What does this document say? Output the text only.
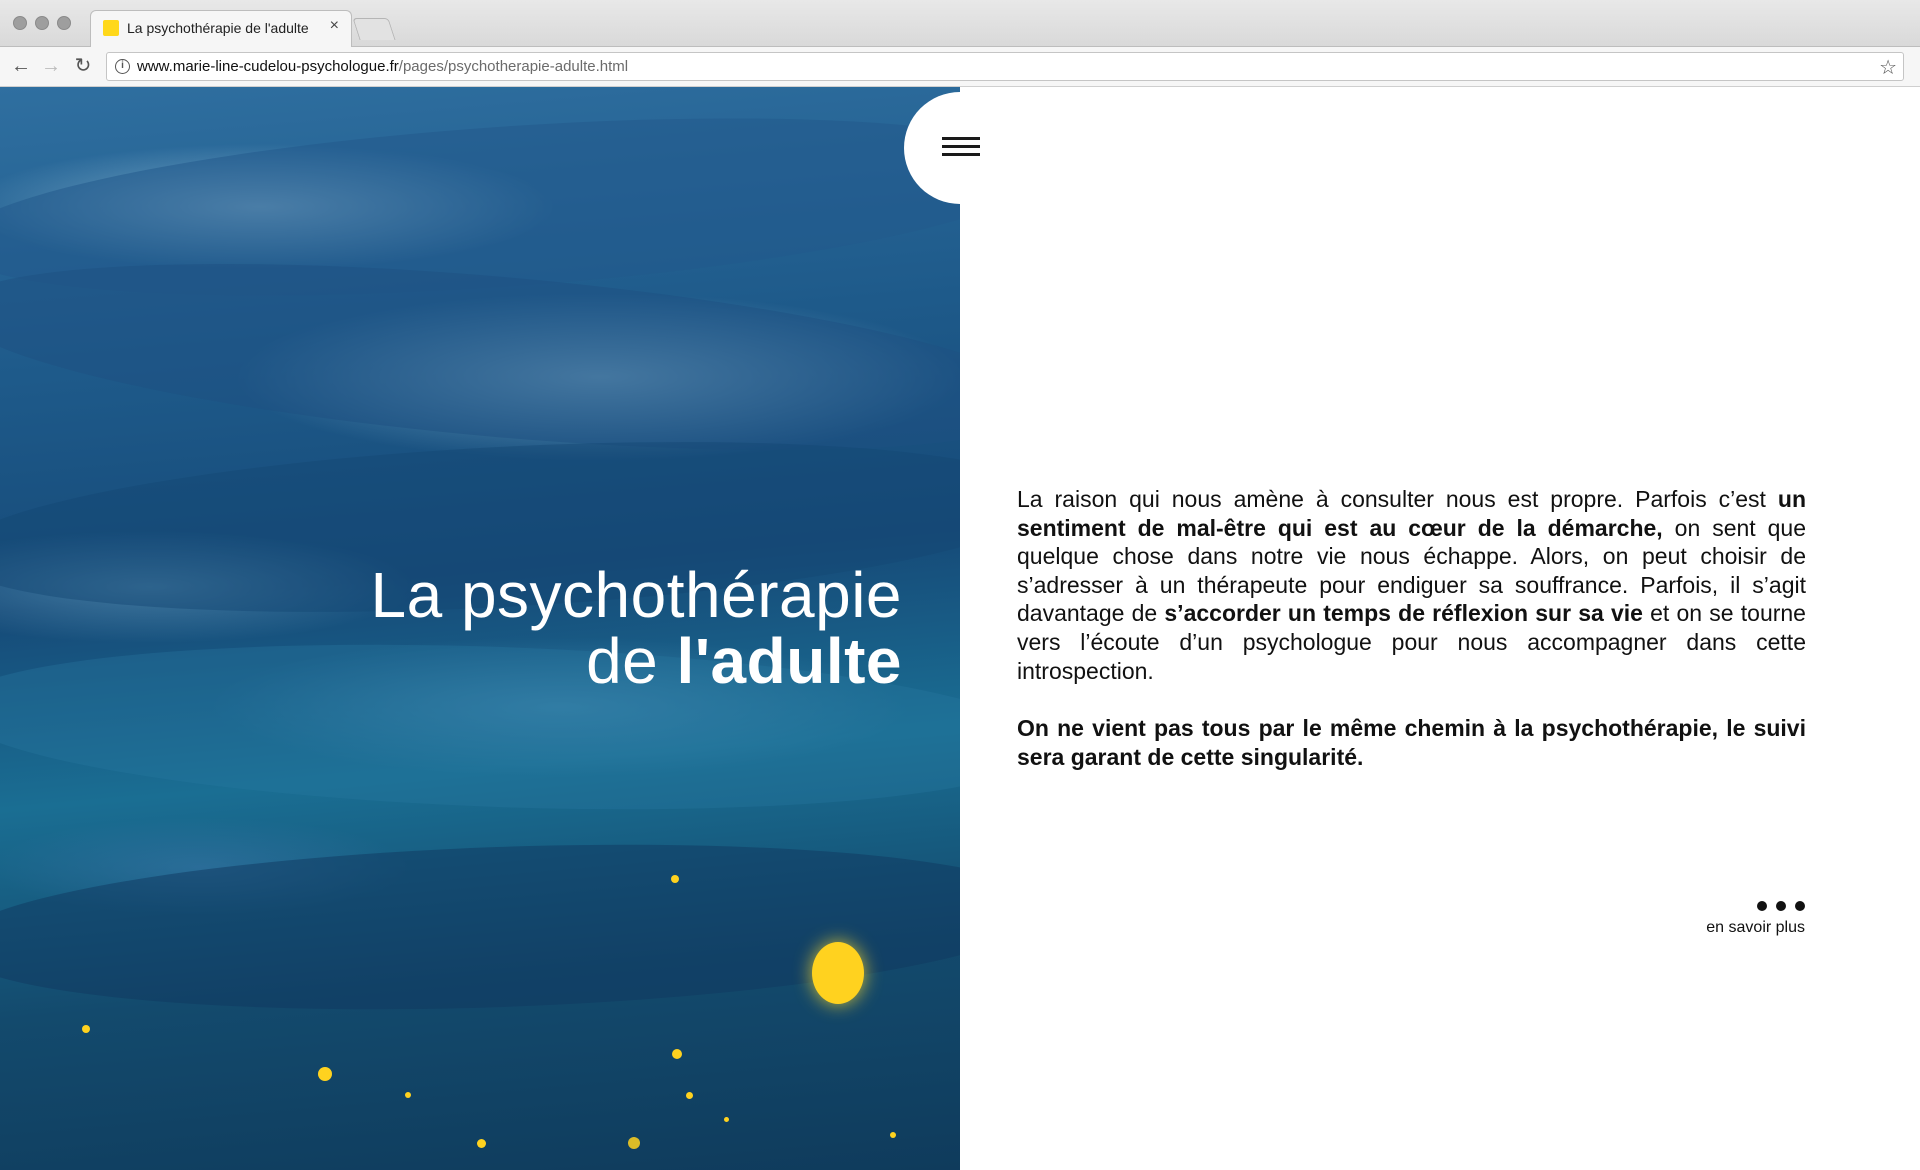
La psychothérapie de l'adulte ×
← → ↻	i www.marie-line-cudelou-psychologue.fr/pages/psychotherapie-adulte.html	☆
La psychothérapie
de l'adulte

La raison qui nous amène à consulter nous est propre. Parfois c’est un sentiment de mal-être qui est au cœur de la démarche, on sent que quelque chose dans notre vie nous échappe. Alors, on peut choisir de s’adresser à un thérapeute pour endiguer sa souffrance. Parfois, il s’agit davantage de s’accorder un temps de réflexion sur sa vie et on se tourne vers l’écoute d’un psychologue pour nous accompagner dans cette introspection.

On ne vient pas tous par le même chemin à la psychothérapie, le suivi sera garant de cette singularité.

en savoir plus
